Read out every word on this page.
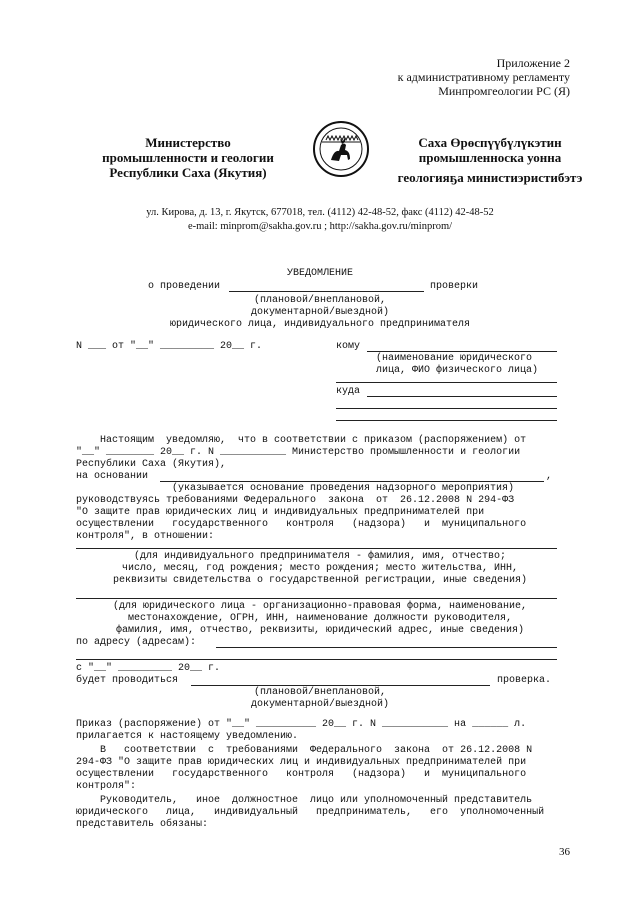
Приложение 2
к административному регламенту
Минпромгеологии РС (Я)
Министерство
промышленности и геологии
Республики Саха (Якутия)
Саха Өрөспүүбүлүкэтин
промышленноска уонна
геологияҕа министиэристибэтэ
ул. Кирова, д. 13, г. Якутск, 677018, тел. (4112) 42-48-52, факс (4112) 42-48-52
e-mail: minprom@sakha.gov.ru ; http://sakha.gov.ru/minprom/
УВЕДОМЛЕНИЕ
о проведении	проверки
(плановой/внеплановой,
документарной/выездной)
юридического лица, индивидуального предпринимателя
N ___ от "__" _________ 20__ г.	кому
(наименование юридического
лица, ФИО физического лица)
куда
Настоящим  уведомляю,  что в соответствии с приказом (распоряжением) от
"__" ________ 20__ г. N ___________ Министерство промышленности и геологии
Республики Саха (Якутия),
на основании	,
(указывается основание проведения надзорного мероприятия)
руководствуясь требованиями Федерального  закона  от  26.12.2008 N 294-ФЗ
"О защите прав юридических лиц и индивидуальных предпринимателей при
осуществлении   государственного   контроля   (надзора)   и  муниципального
контроля", в отношении:
(для индивидуального предпринимателя - фамилия, имя, отчество;
число, месяц, год рождения; место рождения; место жительства, ИНН,
реквизиты свидетельства о государственной регистрации, иные сведения)
(для юридического лица - организационно-правовая форма, наименование,
местонахождение, ОГРН, ИНН, наименование должности руководителя,
фамилия, имя, отчество, реквизиты, юридический адрес, иные сведения)
по адресу (адресам):
с "__" _________ 20__ г.
будет проводиться	проверка.
(плановой/внеплановой,
документарной/выездной)
Приказ (распоряжение) от "__" __________ 20__ г. N ___________ на ______ л.
прилагается к настоящему уведомлению.
В   соответствии  с  требованиями  Федерального  закона  от 26.12.2008 N
294-ФЗ "О защите прав юридических лиц и индивидуальных предпринимателей при
осуществлении   государственного   контроля   (надзора)   и  муниципального
контроля":
Руководитель,   иное  должностное  лицо или уполномоченный представитель
юридического   лица,   индивидуальный   предприниматель,   его  уполномоченный
представитель обязаны:
36
